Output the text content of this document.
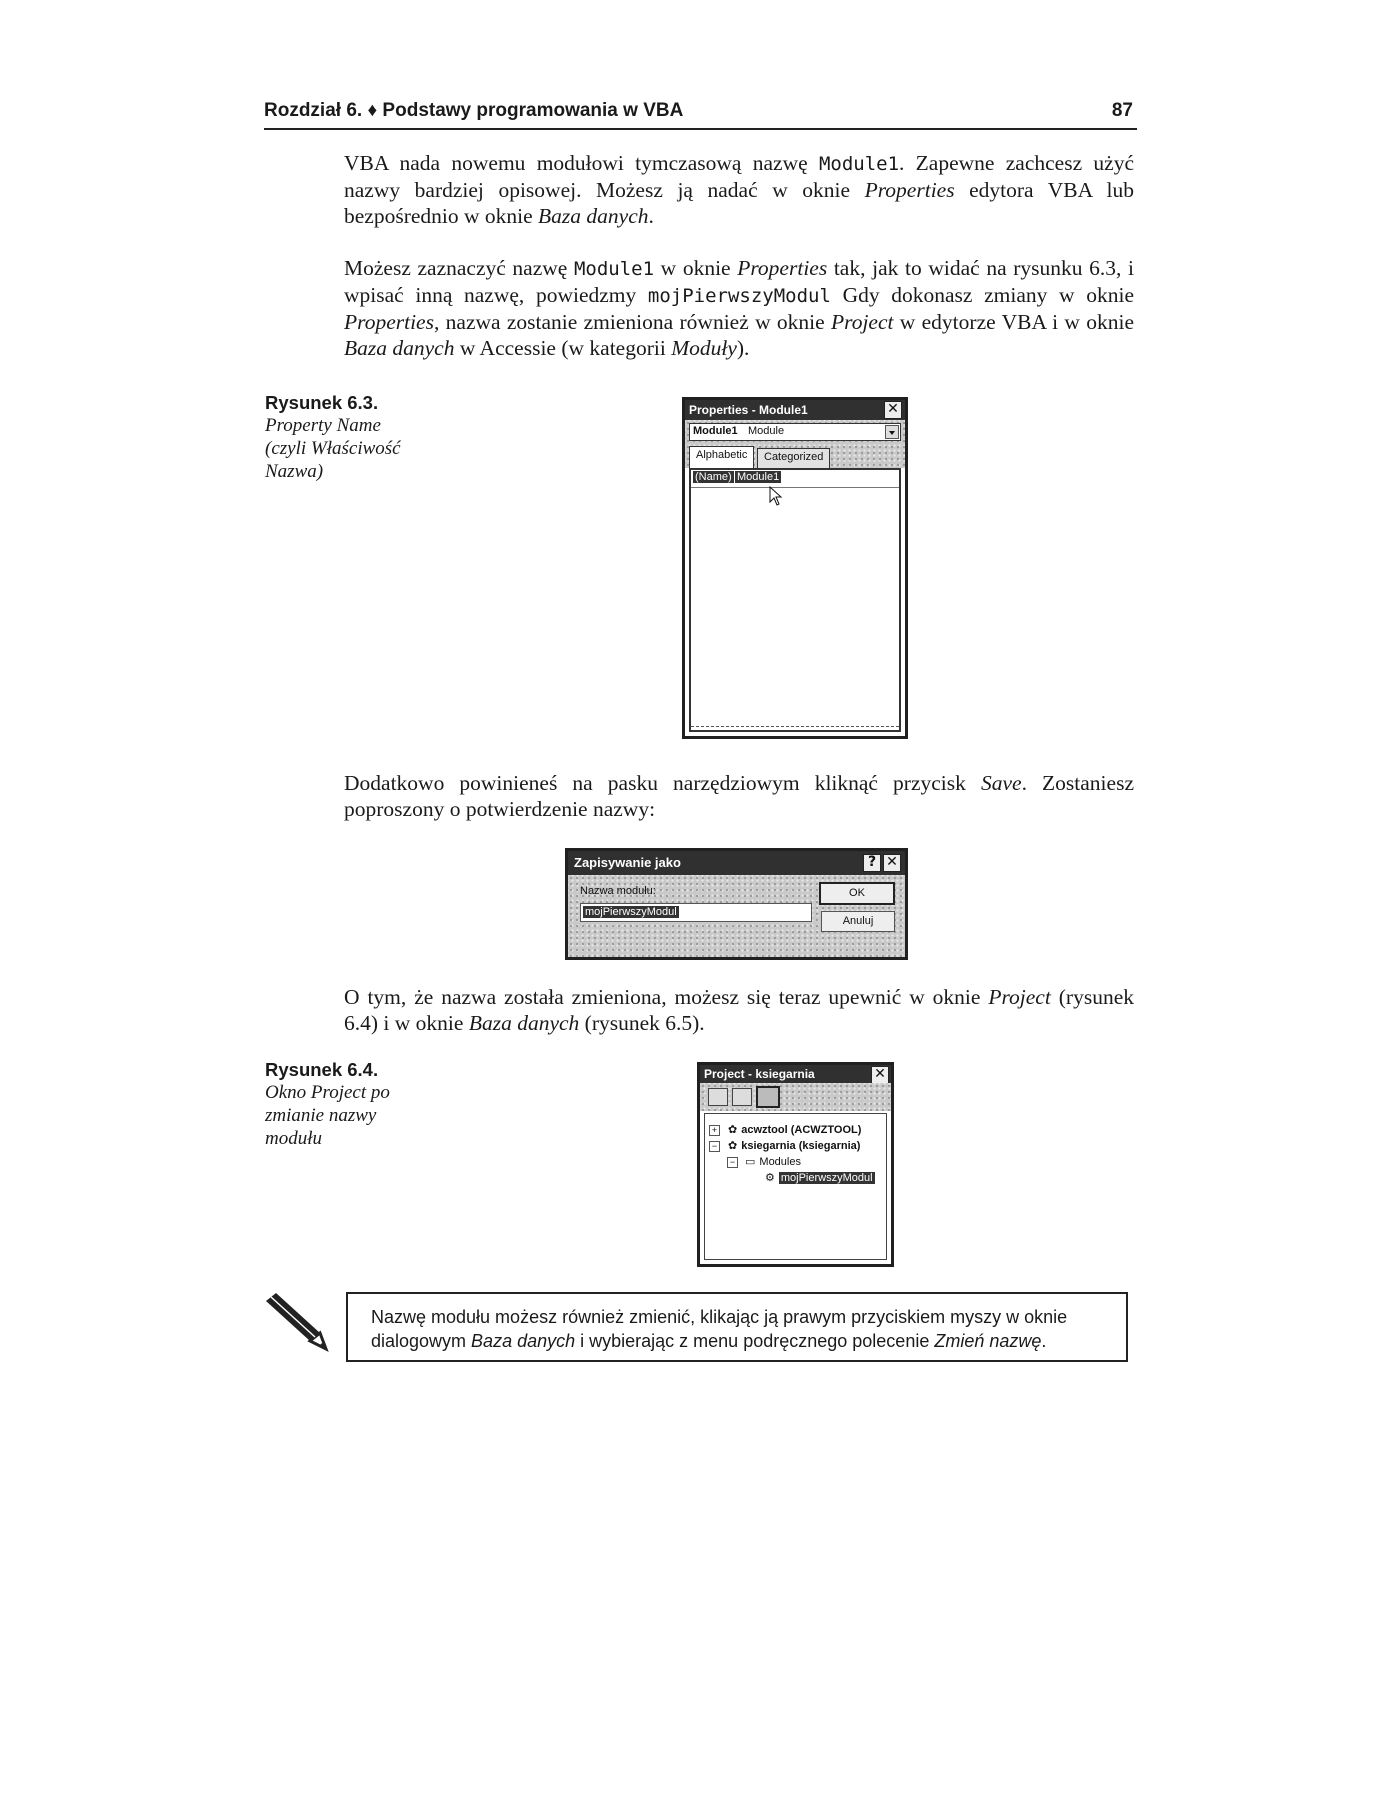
Rozdział 6. ♦ Podstawy programowania w VBA	87

VBA nada nowemu modułowi tymczasową nazwę Module1. Zapewne zachcesz użyć nazwy bardziej opisowej. Możesz ją nadać w oknie Properties edytora VBA lub bezpośrednio w oknie Baza danych.

Możesz zaznaczyć nazwę Module1 w oknie Properties tak, jak to widać na rysunku 6.3, i wpisać inną nazwę, powiedzmy mojPierwszyModul Gdy dokonasz zmiany w oknie Properties, nazwa zostanie zmieniona również w oknie Project w edytorze VBA i w oknie Baza danych w Accessie (w kategorii Moduły).

Rysunek 6.3.
Property Name (czyli Właściwość Nazwa)
Properties - Module1	✕
Module1 Module
Alphabetic	Categorized
(Name) Module1

Dodatkowo powinieneś na pasku narzędziowym kliknąć przycisk Save. Zostaniesz poproszony o potwierdzenie nazwy:

Zapisywanie jako	? ✕
Nazwa modułu:
mojPierwszyModul
OK
Anuluj

O tym, że nazwa została zmieniona, możesz się teraz upewnić w oknie Project (rysunek 6.4) i w oknie Baza danych (rysunek 6.5).

Rysunek 6.4.
Okno Project po zmianie nazwy modułu
Project - ksiegarnia	✕
+ ✿ acwztool (ACWZTOOL)
− ✿ ksiegarnia (ksiegarnia)
− ▭ Modules
⚙ mojPierwszyModul
Nazwę modułu możesz również zmienić, klikając ją prawym przyciskiem myszy w oknie dialogowym Baza danych i wybierając z menu podręcznego polecenie Zmień nazwę.
